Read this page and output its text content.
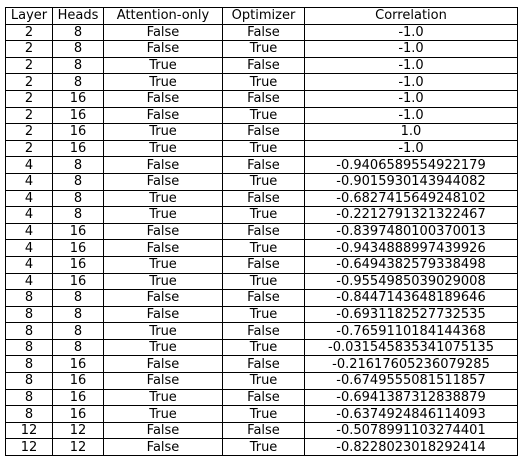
Layer	Heads	Attention-only	Optimizer	Correlation
2	8	False	False	-1.0
2	8	False	True	-1.0
2	8	True	False	-1.0
2	8	True	True	-1.0
2	16	False	False	-1.0
2	16	False	True	-1.0
2	16	True	False	1.0
2	16	True	True	-1.0
4	8	False	False	-0.9406589554922179
4	8	False	True	-0.9015930143944082
4	8	True	False	-0.6827415649248102
4	8	True	True	-0.2212791321322467
4	16	False	False	-0.8397480100370013
4	16	False	True	-0.9434888997439926
4	16	True	False	-0.6494382579338498
4	16	True	True	-0.9554985039029008
8	8	False	False	-0.8447143648189646
8	8	False	True	-0.6931182527732535
8	8	True	False	-0.7659110184144368
8	8	True	True	-0.031545835341075135
8	16	False	False	-0.21617605236079285
8	16	False	True	-0.6749555081511857
8	16	True	False	-0.6941387312838879
8	16	True	True	-0.6374924846114093
12	12	False	False	-0.5078991103274401
12	12	False	True	-0.8228023018292414
